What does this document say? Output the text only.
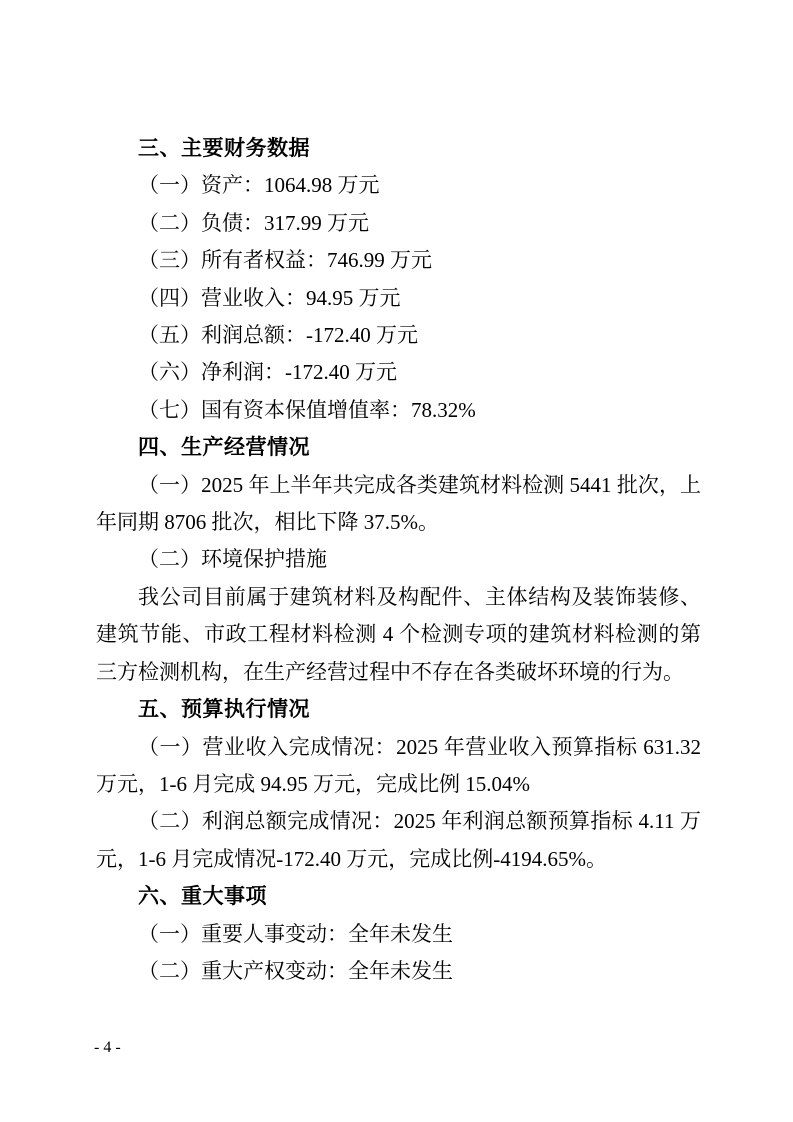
三、主要财务数据

（一）资产：1064.98 万元

（二）负债：317.99 万元

（三）所有者权益：746.99 万元

（四）营业收入：94.95 万元

（五）利润总额：-172.40 万元

（六）净利润：-172.40 万元

（七）国有资本保值增值率：78.32%

四、生产经营情况

（一）2025 年上半年共完成各类建筑材料检测 5441 批次，上年同期 8706 批次，相比下降 37.5%。

（二）环境保护措施

我公司目前属于建筑材料及构配件、主体结构及装饰装修、建筑节能、市政工程材料检测 4 个检测专项的建筑材料检测的第三方检测机构，在生产经营过程中不存在各类破坏环境的行为。

五、预算执行情况

（一）营业收入完成情况：2025 年营业收入预算指标 631.32 万元，1-6 月完成 94.95 万元，完成比例 15.04%

（二）利润总额完成情况：2025 年利润总额预算指标 4.11 万元，1-6 月完成情况-172.40 万元，完成比例-4194.65%。

六、重大事项

（一）重要人事变动：全年未发生

（二）重大产权变动：全年未发生

- 4 -
